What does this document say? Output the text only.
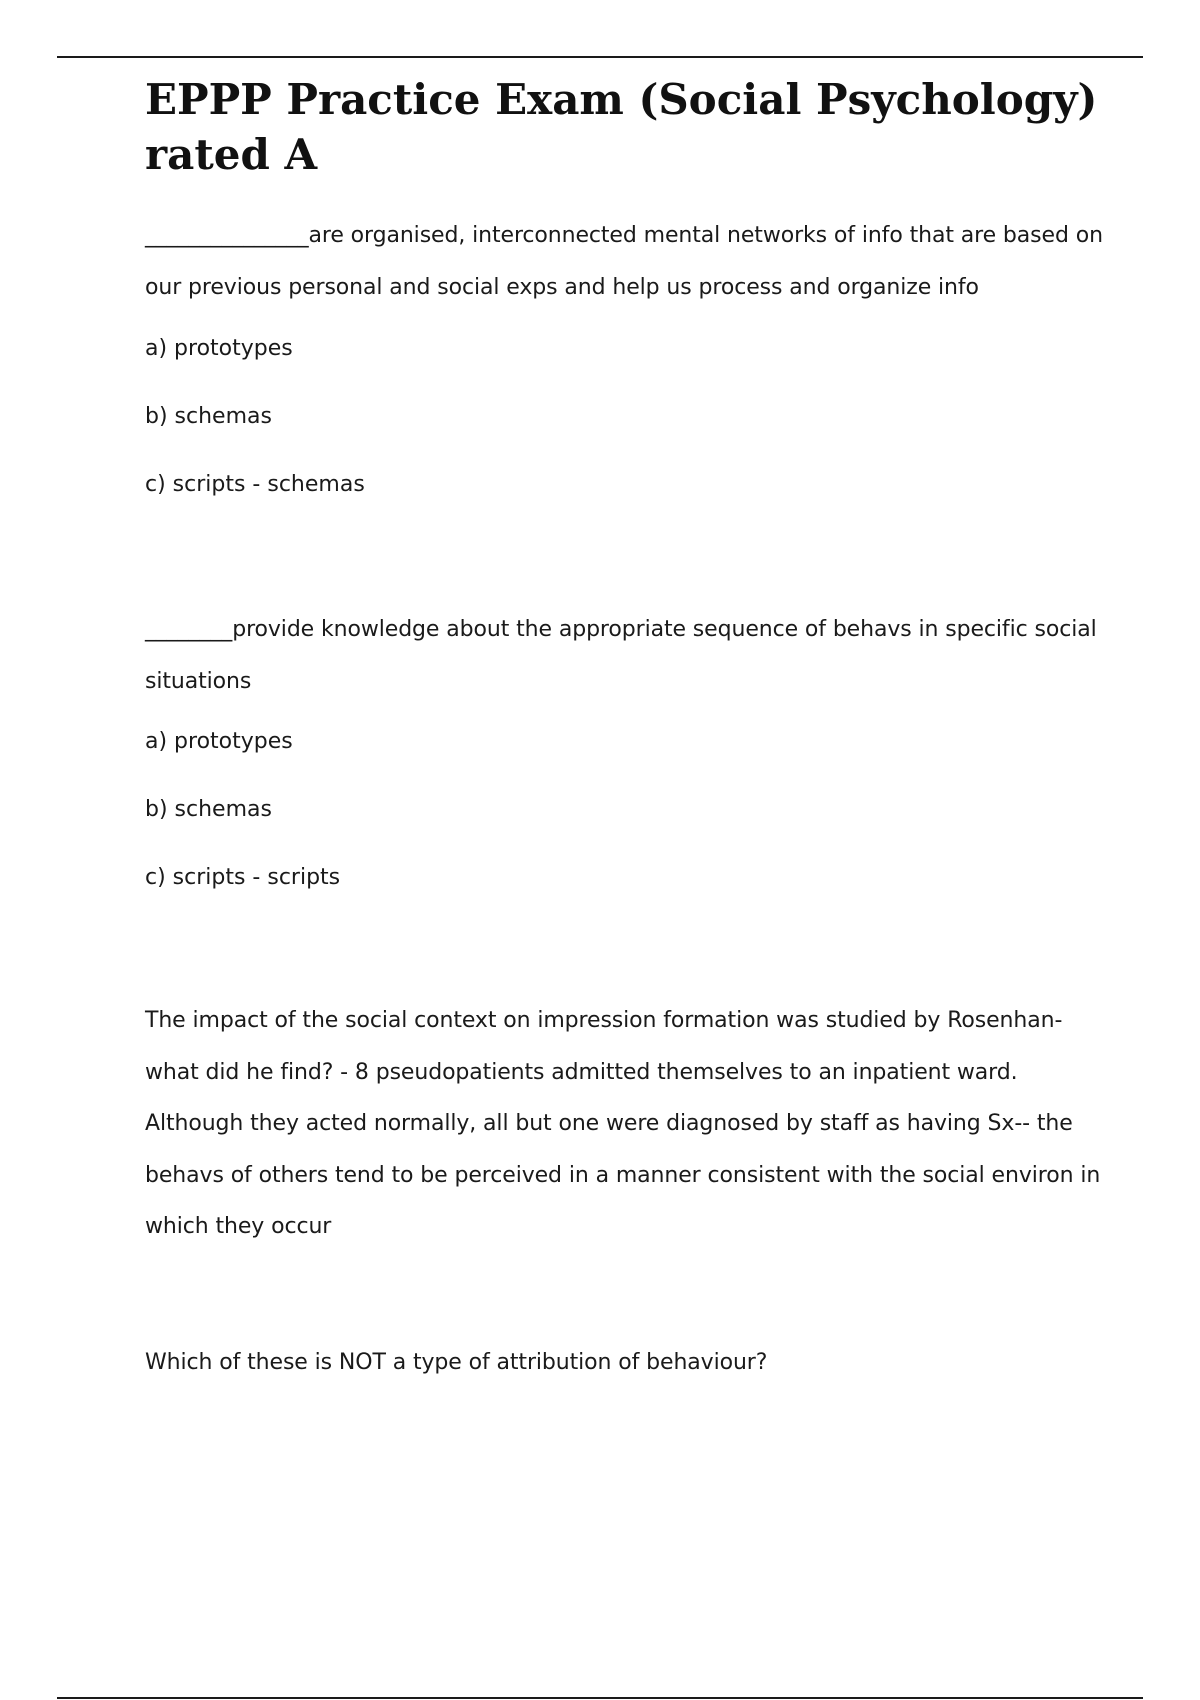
EPPP Practice Exam (Social Psychology) rated A

_______________are organised, interconnected mental networks of info that are based on our previous personal and social exps and help us process and organize info

a) prototypes
b) schemas
c) scripts - schemas

________provide knowledge about the appropriate sequence of behavs in specific social situations

a) prototypes
b) schemas
c) scripts - scripts

The impact of the social context on impression formation was studied by Rosenhan-what did he find? - 8 pseudopatients admitted themselves to an inpatient ward. Although they acted normally, all but one were diagnosed by staff as having Sx-- the behavs of others tend to be perceived in a manner consistent with the social environ in which they occur

Which of these is NOT a type of attribution of behaviour?
